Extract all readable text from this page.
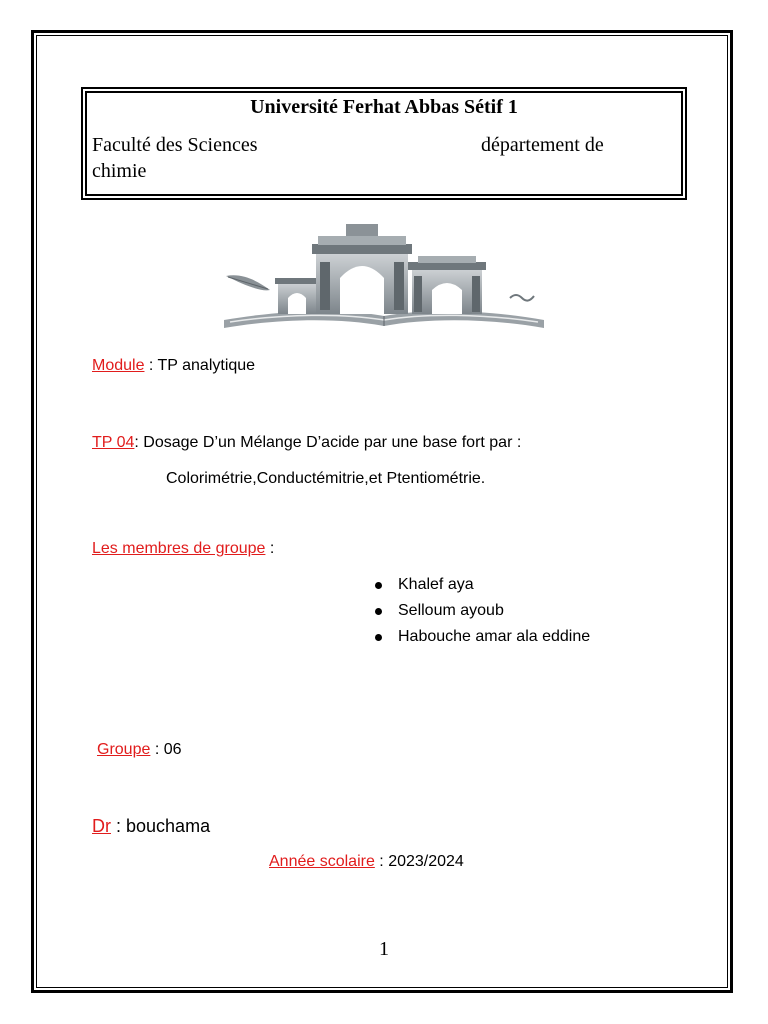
Université Ferhat Abbas Sétif 1
Faculté des Sciences	département de
chimie
Module : TP analytique
TP 04: Dosage D’un Mélange D’acide par une base fort par :
Colorimétrie,Conductémitrie,et Ptentiométrie.
Les membres de groupe :
Khalef aya
Selloum ayoub
Habouche amar ala eddine
Groupe : 06
Dr : bouchama
Année scolaire : 2023/2024
1
